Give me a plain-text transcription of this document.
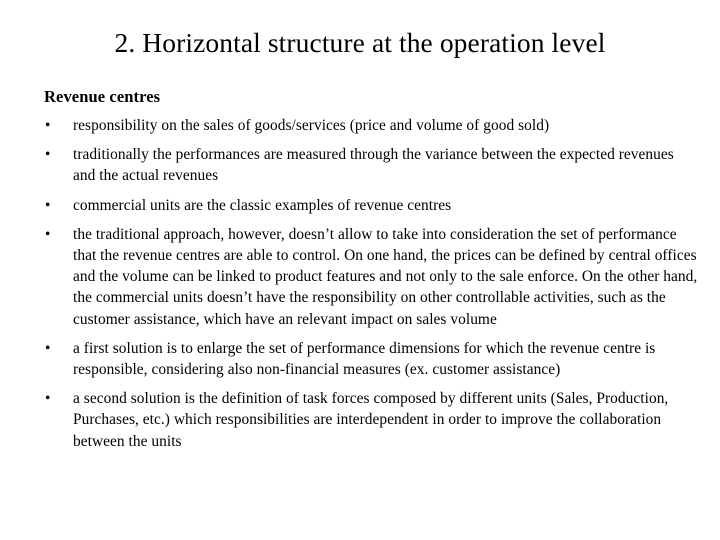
2. Horizontal structure at the operation level
Revenue centres
•	responsibility on the sales of goods/services (price and volume of good sold)
•	traditionally the performances are measured through the variance between the expected revenues and the actual revenues
•	commercial units are the classic examples of revenue centres
•	the traditional approach, however, doesn’t allow to take into consideration the set of performance that the revenue centres are able to control. On one hand, the prices can be defined by central offices and the volume can be linked to product features and not only to the sale enforce. On the other hand, the commercial units doesn’t have the responsibility on other controllable activities, such as the customer assistance, which have an relevant impact on sales volume
•	a first solution is to enlarge the set of performance dimensions for which the revenue centre is responsible, considering also non-financial measures (ex. customer assistance)
•	a second solution is the definition of task forces composed by different units (Sales, Production, Purchases, etc.) which responsibilities are interdependent in order to improve the collaboration between the units
